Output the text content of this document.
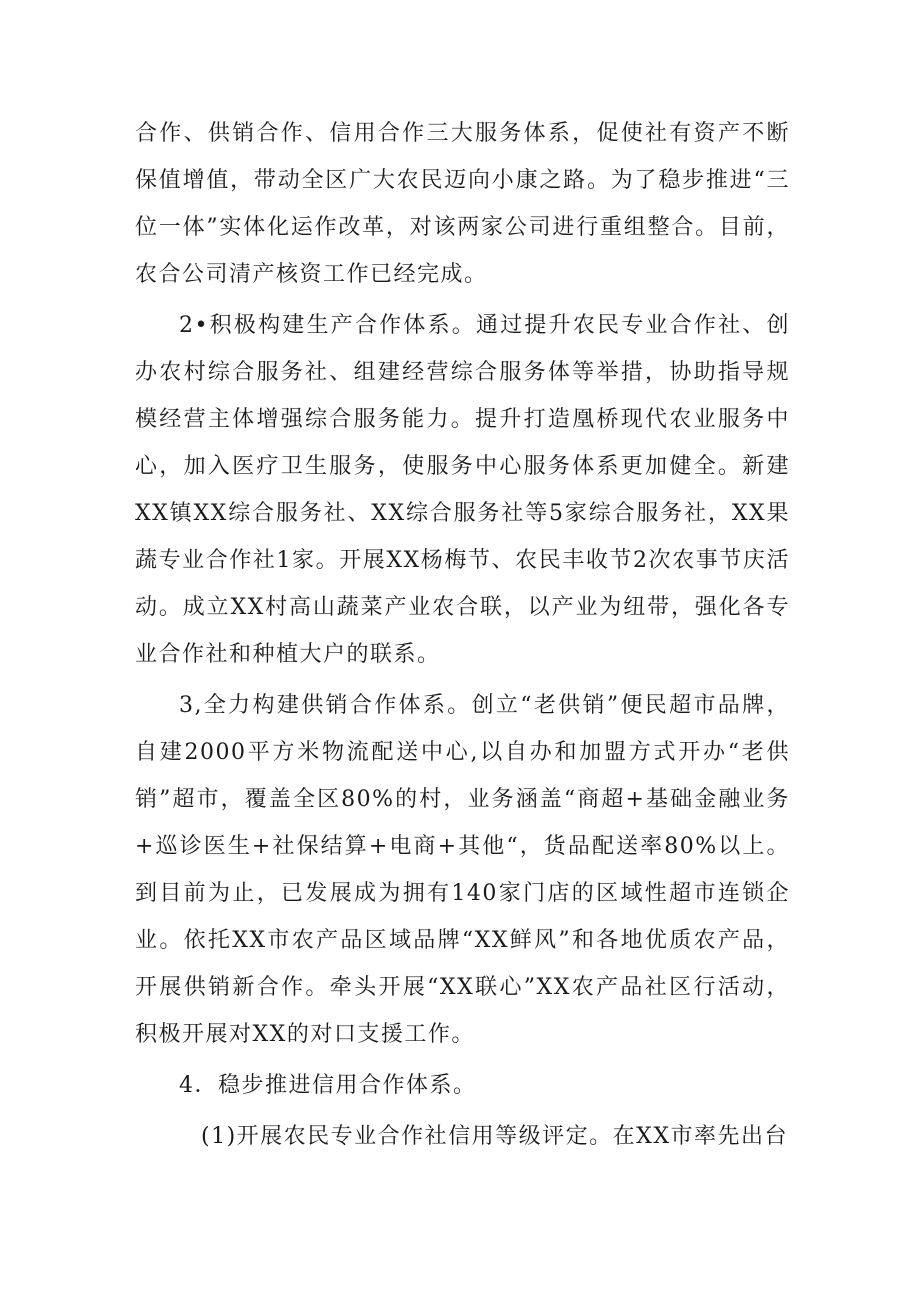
合作、供销合作、信用合作三大服务体系，促使社有资产不断保值增值，带动全区广大农民迈向小康之路。为了稳步推进“三位一体”实体化运作改革，对该两家公司进行重组整合。目前，农合公司清产核资工作已经完成。

2•积极构建生产合作体系。通过提升农民专业合作社、创办农村综合服务社、组建经营综合服务体等举措，协助指导规模经营主体增强综合服务能力。提升打造凰桥现代农业服务中心，加入医疗卫生服务，使服务中心服务体系更加健全。新建XX镇XX综合服务社、XX综合服务社等5家综合服务社，XX果蔬专业合作社1家。开展XX杨梅节、农民丰收节2次农事节庆活动。成立XX村高山蔬菜产业农合联，以产业为纽带，强化各专业合作社和种植大户的联系。

3,全力构建供销合作体系。创立“老供销”便民超市品牌，自建2000平方米物流配送中心,以自办和加盟方式开办“老供销”超市，覆盖全区80%的村，业务涵盖“商超+基础金融业务+巡诊医生+社保结算+电商+其他“，货品配送率80%以上。到目前为止，已发展成为拥有140家门店的区域性超市连锁企业。依托XX市农产品区域品牌“XX鲜风”和各地优质农产品，开展供销新合作。牵头开展“XX联心”XX农产品社区行活动，积极开展对XX的对口支援工作。

4．稳步推进信用合作体系。

(1)开展农民专业合作社信用等级评定。在XX市率先出台
